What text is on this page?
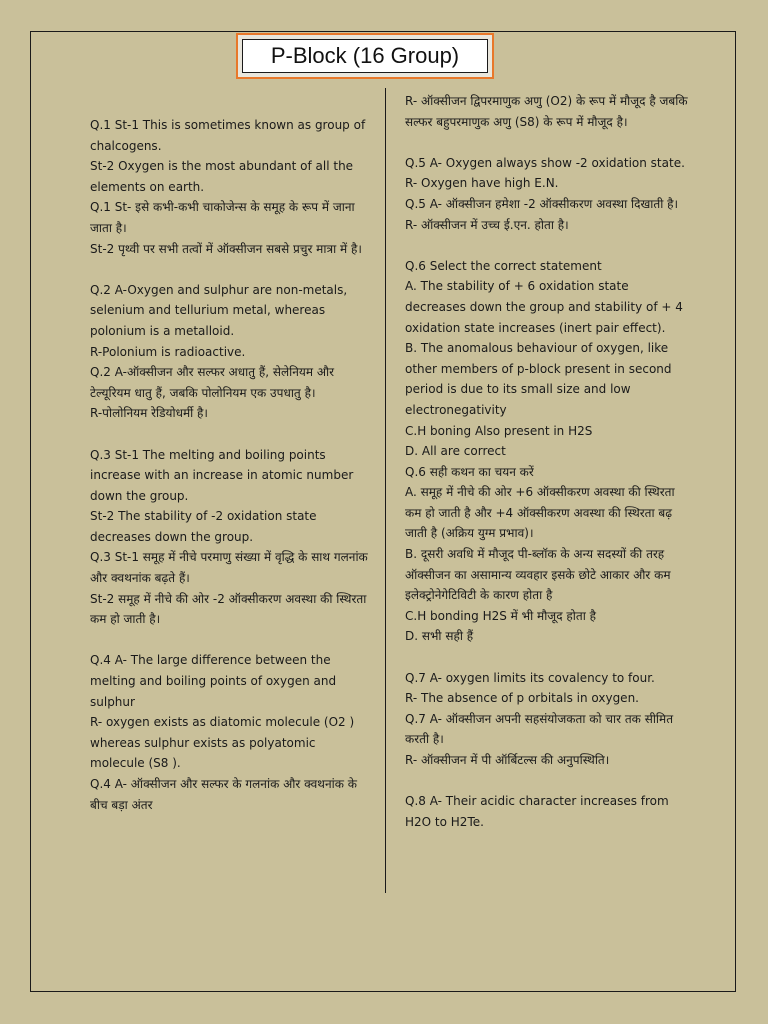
P-Block (16 Group)

Q.1 St-1 This is sometimes known as group of chalcogens.

St-2 Oxygen is the most abundant of all the elements on earth.

Q.1 St- इसे कभी-कभी चाकोजेन्स के समूह के रूप में जाना जाता है।

St-2 पृथ्वी पर सभी तत्वों में ऑक्सीजन सबसे प्रचुर मात्रा में है।

Q.2 A-Oxygen and sulphur are non-metals, selenium and tellurium metal, whereas polonium is a metalloid.

R-Polonium is radioactive.

Q.2 A-ऑक्सीजन और सल्फर अधातु हैं, सेलेनियम और टेल्यूरियम धातु हैं, जबकि पोलोनियम एक उपधातु है।

R-पोलोनियम रेडियोधर्मी है।

Q.3 St-1 The melting and boiling points increase with an increase in atomic number down the group.

St-2 The stability of -2 oxidation state decreases down the group.

Q.3 St-1 समूह में नीचे परमाणु संख्या में वृद्धि के साथ गलनांक और क्वथनांक बढ़ते हैं।

St-2 समूह में नीचे की ओर -2 ऑक्सीकरण अवस्था की स्थिरता कम हो जाती है।

Q.4 A- The large difference between the melting and boiling points of oxygen and sulphur

R- oxygen exists as diatomic molecule (O2 ) whereas sulphur exists as polyatomic molecule (S8 ).

Q.4 A- ऑक्सीजन और सल्फर के गलनांक और क्वथनांक के बीच बड़ा अंतर

R- ऑक्सीजन द्विपरमाणुक अणु (O2) के रूप में मौजूद है जबकि सल्फर बहुपरमाणुक अणु (S8) के रूप में मौजूद है।

Q.5 A- Oxygen always show -2 oxidation state.

R- Oxygen have high E.N.

Q.5 A- ऑक्सीजन हमेशा -2 ऑक्सीकरण अवस्था दिखाती है।

R- ऑक्सीजन में उच्च ई.एन. होता है।

Q.6 Select the correct statement

A. The stability of + 6 oxidation state decreases down the group and stability of + 4 oxidation state increases (inert pair effect).

B. The anomalous behaviour of oxygen, like other members of p-block present in second period is due to its small size and low electronegativity

C.H boning Also present in H2S

D. All are correct

Q.6 सही कथन का चयन करें

A. समूह में नीचे की ओर +6 ऑक्सीकरण अवस्था की स्थिरता कम हो जाती है और +4 ऑक्सीकरण अवस्था की स्थिरता बढ़ जाती है (अक्रिय युग्म प्रभाव)।

B. दूसरी अवधि में मौजूद पी-ब्लॉक के अन्य सदस्यों की तरह ऑक्सीजन का असामान्य व्यवहार इसके छोटे आकार और कम इलेक्ट्रोनेगेटिविटी के कारण होता है

C.H bonding H2S में भी मौजूद होता है

D. सभी सही हैं

Q.7 A- oxygen limits its covalency to four.

R- The absence of p orbitals in oxygen.

Q.7 A- ऑक्सीजन अपनी सहसंयोजकता को चार तक सीमित करती है।

R- ऑक्सीजन में पी ऑर्बिटल्स की अनुपस्थिति।

Q.8 A- Their acidic character increases from H2O to H2Te.
